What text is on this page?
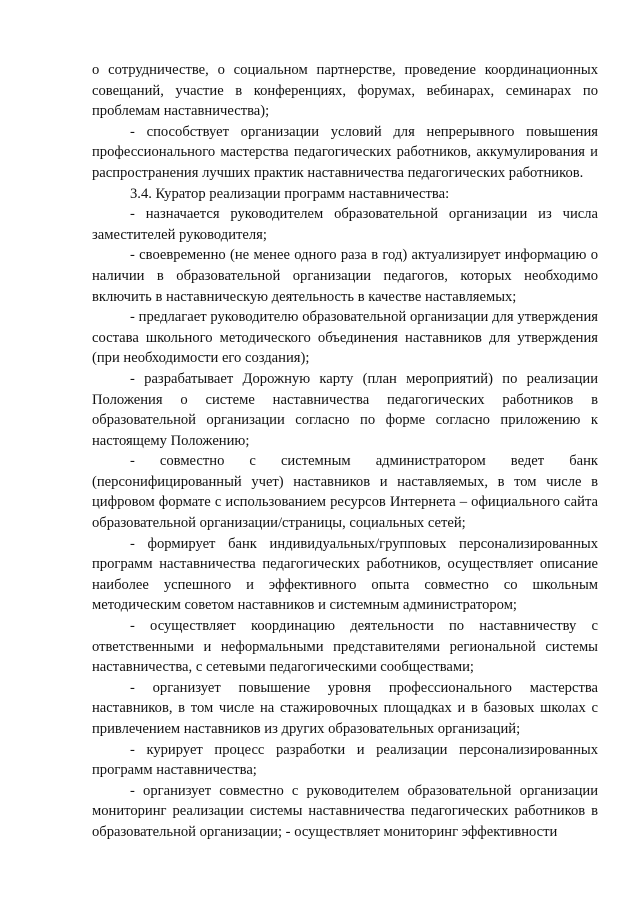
о сотрудничестве, о социальном партнерстве, проведение координационных совещаний, участие в конференциях, форумах, вебинарах, семинарах по проблемам наставничества);

- способствует организации условий для непрерывного повышения профессионального мастерства педагогических работников, аккумулирования и распространения лучших практик наставничества педагогических работников.

3.4. Куратор реализации программ наставничества:

- назначается руководителем образовательной организации из числа заместителей руководителя;

- своевременно (не менее одного раза в год) актуализирует информацию о наличии в образовательной организации педагогов, которых необходимо включить в наставническую деятельность в качестве наставляемых;

- предлагает руководителю образовательной организации для утверждения состава школьного методического объединения наставников для утверждения (при необходимости его создания);

- разрабатывает Дорожную карту (план мероприятий) по реализации Положения о системе наставничества педагогических работников в образовательной организации согласно по форме согласно приложению к настоящему Положению;

- совместно с системным администратором ведет банк (персонифицированный учет) наставников и наставляемых, в том числе в цифровом формате с использованием ресурсов Интернета – официального сайта образовательной организации/страницы, социальных сетей;

- формирует банк индивидуальных/групповых персонализированных программ наставничества педагогических работников, осуществляет описание наиболее успешного и эффективного опыта совместно со школьным методическим советом наставников и системным администратором;

- осуществляет координацию деятельности по наставничеству с ответственными и неформальными представителями региональной системы наставничества, с сетевыми педагогическими сообществами;

- организует повышение уровня профессионального мастерства наставников, в том числе на стажировочных площадках и в базовых школах с привлечением наставников из других образовательных организаций;

- курирует процесс разработки и реализации персонализированных программ наставничества;

- организует совместно с руководителем образовательной организации мониторинг реализации системы наставничества педагогических работников в образовательной организации; - осуществляет мониторинг эффективности
